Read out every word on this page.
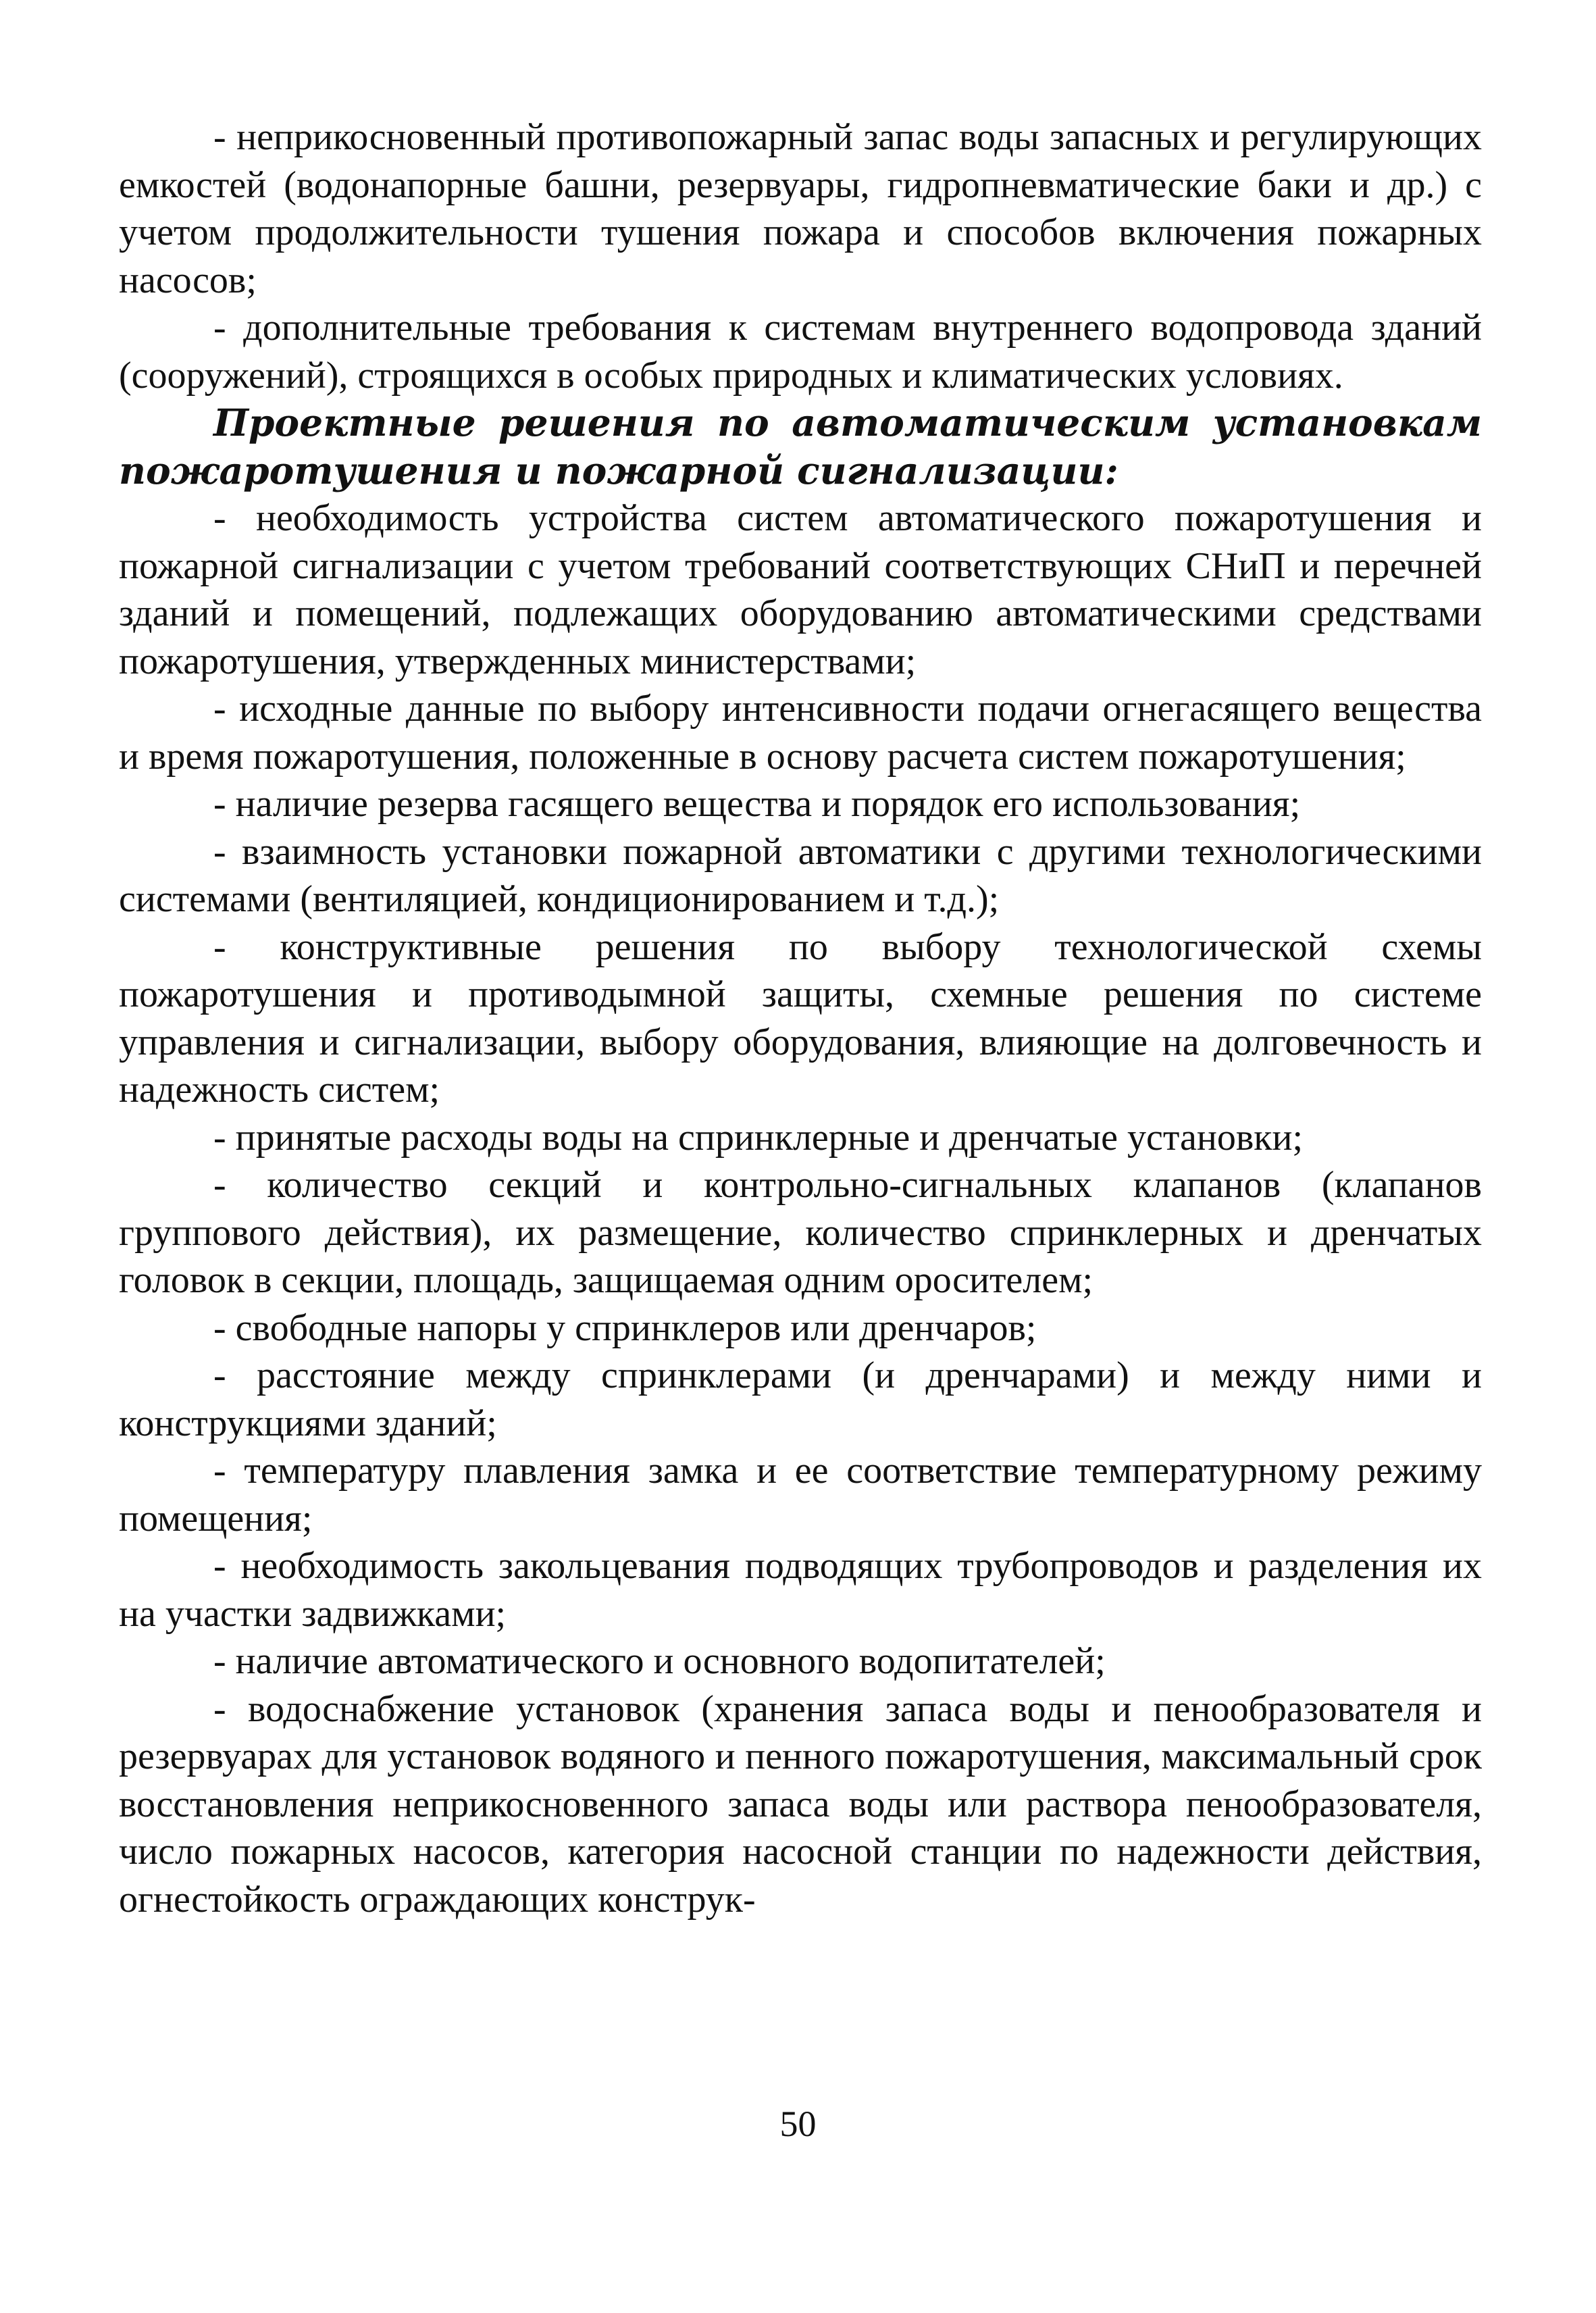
- неприкосновенный противопожарный запас воды запасных и регулирующих емкостей (водонапорные башни, резервуары, гидропневматические баки и др.) с учетом продолжительности тушения пожара и способов включения пожарных насосов;

- дополнительные требования к системам внутреннего водопровода зданий (сооружений), строящихся в особых природных и климатических условиях.

Проектные решения по автоматическим установкам пожаротушения и пожарной сигнализации:

- необходимость устройства систем автоматического пожаротушения и пожарной сигнализации с учетом требований соответствующих СНиП и перечней зданий и помещений, подлежащих оборудованию автоматическими средствами пожаротушения, утвержденных министерствами;

- исходные данные по выбору интенсивности подачи огнегасящего вещества и время пожаротушения, положенные в основу расчета систем пожаротушения;

- наличие резерва гасящего вещества и порядок его использования;

- взаимность установки пожарной автоматики с другими технологическими системами (вентиляцией, кондиционированием и т.д.);

- конструктивные решения по выбору технологической схемы пожаротушения и противодымной защиты, схемные решения по системе управления и сигнализации, выбору оборудования, влияющие на долговечность и надежность систем;

- принятые расходы воды на спринклерные и дренчатые установки;

- количество секций и контрольно-сигнальных клапанов (клапанов группового действия), их размещение, количество спринклерных и дренчатых головок в секции, площадь, защищаемая одним оросителем;

- свободные напоры у спринклеров или дренчаров;

- расстояние между спринклерами (и дренчарами) и между ними и конструкциями зданий;

- температуру плавления замка и ее соответствие температурному режиму помещения;

- необходимость закольцевания подводящих трубопроводов и разделения их на участки задвижками;

- наличие автоматического и основного водопитателей;

- водоснабжение установок (хранения запаса воды и пенообразователя и резервуарах для установок водяного и пенного пожаротушения, максимальный срок восстановления неприкосновенного запаса воды или раствора пенообразователя, число пожарных насосов, категория насосной станции по надежности действия, огнестойкость ограждающих конструк-

50
